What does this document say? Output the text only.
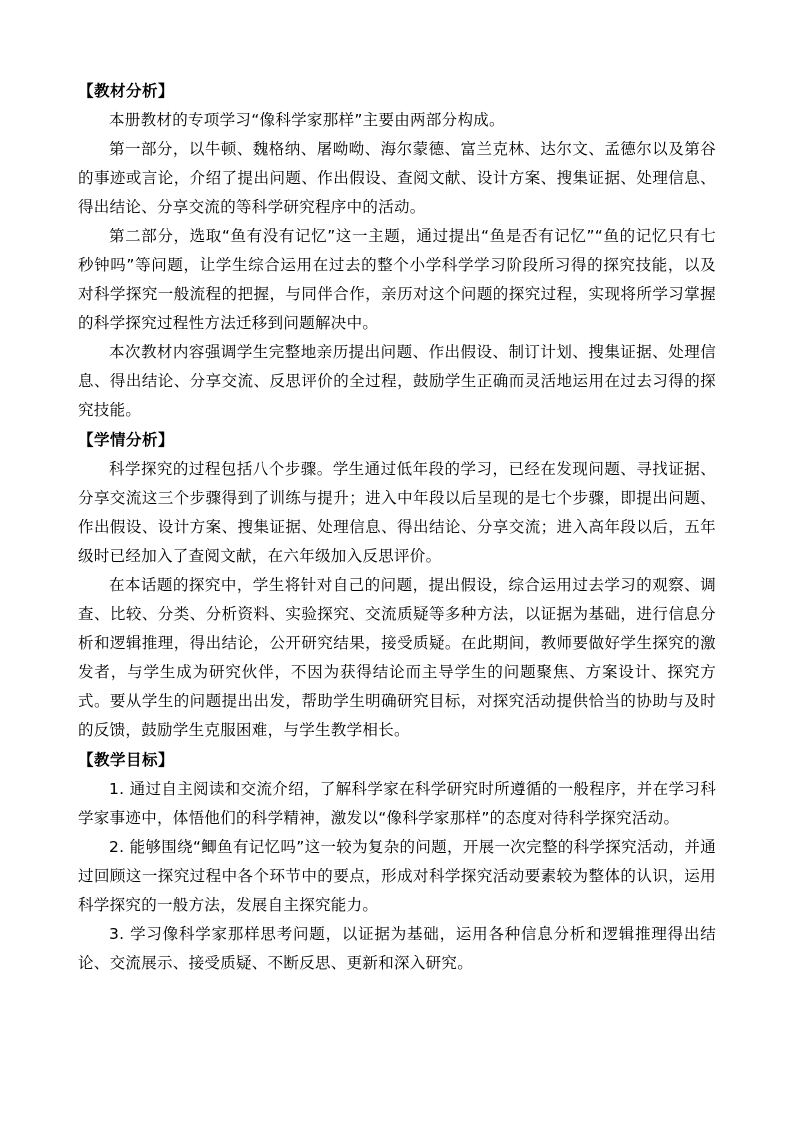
【教材分析】

本册教材的专项学习“像科学家那样”主要由两部分构成。

第一部分，以牛顿、魏格纳、屠呦呦、海尔蒙德、富兰克林、达尔文、孟德尔以及第谷的事迹或言论，介绍了提出问题、作出假设、查阅文献、设计方案、搜集证据、处理信息、得出结论、分享交流的等科学研究程序中的活动。

第二部分，选取“鱼有没有记忆”这一主题，通过提出“鱼是否有记忆”“鱼的记忆只有七秒钟吗”等问题，让学生综合运用在过去的整个小学科学学习阶段所习得的探究技能，以及对科学探究一般流程的把握，与同伴合作，亲历对这个问题的探究过程，实现将所学习掌握的科学探究过程性方法迁移到问题解决中。

本次教材内容强调学生完整地亲历提出问题、作出假设、制订计划、搜集证据、处理信息、得出结论、分享交流、反思评价的全过程，鼓励学生正确而灵活地运用在过去习得的探究技能。

【学情分析】

科学探究的过程包括八个步骤。学生通过低年段的学习，已经在发现问题、寻找证据、分享交流这三个步骤得到了训练与提升；进入中年段以后呈现的是七个步骤，即提出问题、作出假设、设计方案、搜集证据、处理信息、得出结论、分享交流；进入高年段以后，五年级时已经加入了查阅文献，在六年级加入反思评价。

在本话题的探究中，学生将针对自己的问题，提出假设，综合运用过去学习的观察、调查、比较、分类、分析资料、实验探究、交流质疑等多种方法，以证据为基础，进行信息分析和逻辑推理，得出结论，公开研究结果，接受质疑。在此期间，教师要做好学生探究的激发者，与学生成为研究伙伴，不因为获得结论而主导学生的问题聚焦、方案设计、探究方式。要从学生的问题提出出发，帮助学生明确研究目标，对探究活动提供恰当的协助与及时的反馈，鼓励学生克服困难，与学生教学相长。

【教学目标】

1. 通过自主阅读和交流介绍，了解科学家在科学研究时所遵循的一般程序，并在学习科学家事迹中，体悟他们的科学精神，激发以“像科学家那样”的态度对待科学探究活动。

2. 能够围绕“鲫鱼有记忆吗”这一较为复杂的问题，开展一次完整的科学探究活动，并通过回顾这一探究过程中各个环节中的要点，形成对科学探究活动要素较为整体的认识，运用科学探究的一般方法，发展自主探究能力。

3. 学习像科学家那样思考问题，以证据为基础，运用各种信息分析和逻辑推理得出结论、交流展示、接受质疑、不断反思、更新和深入研究。
